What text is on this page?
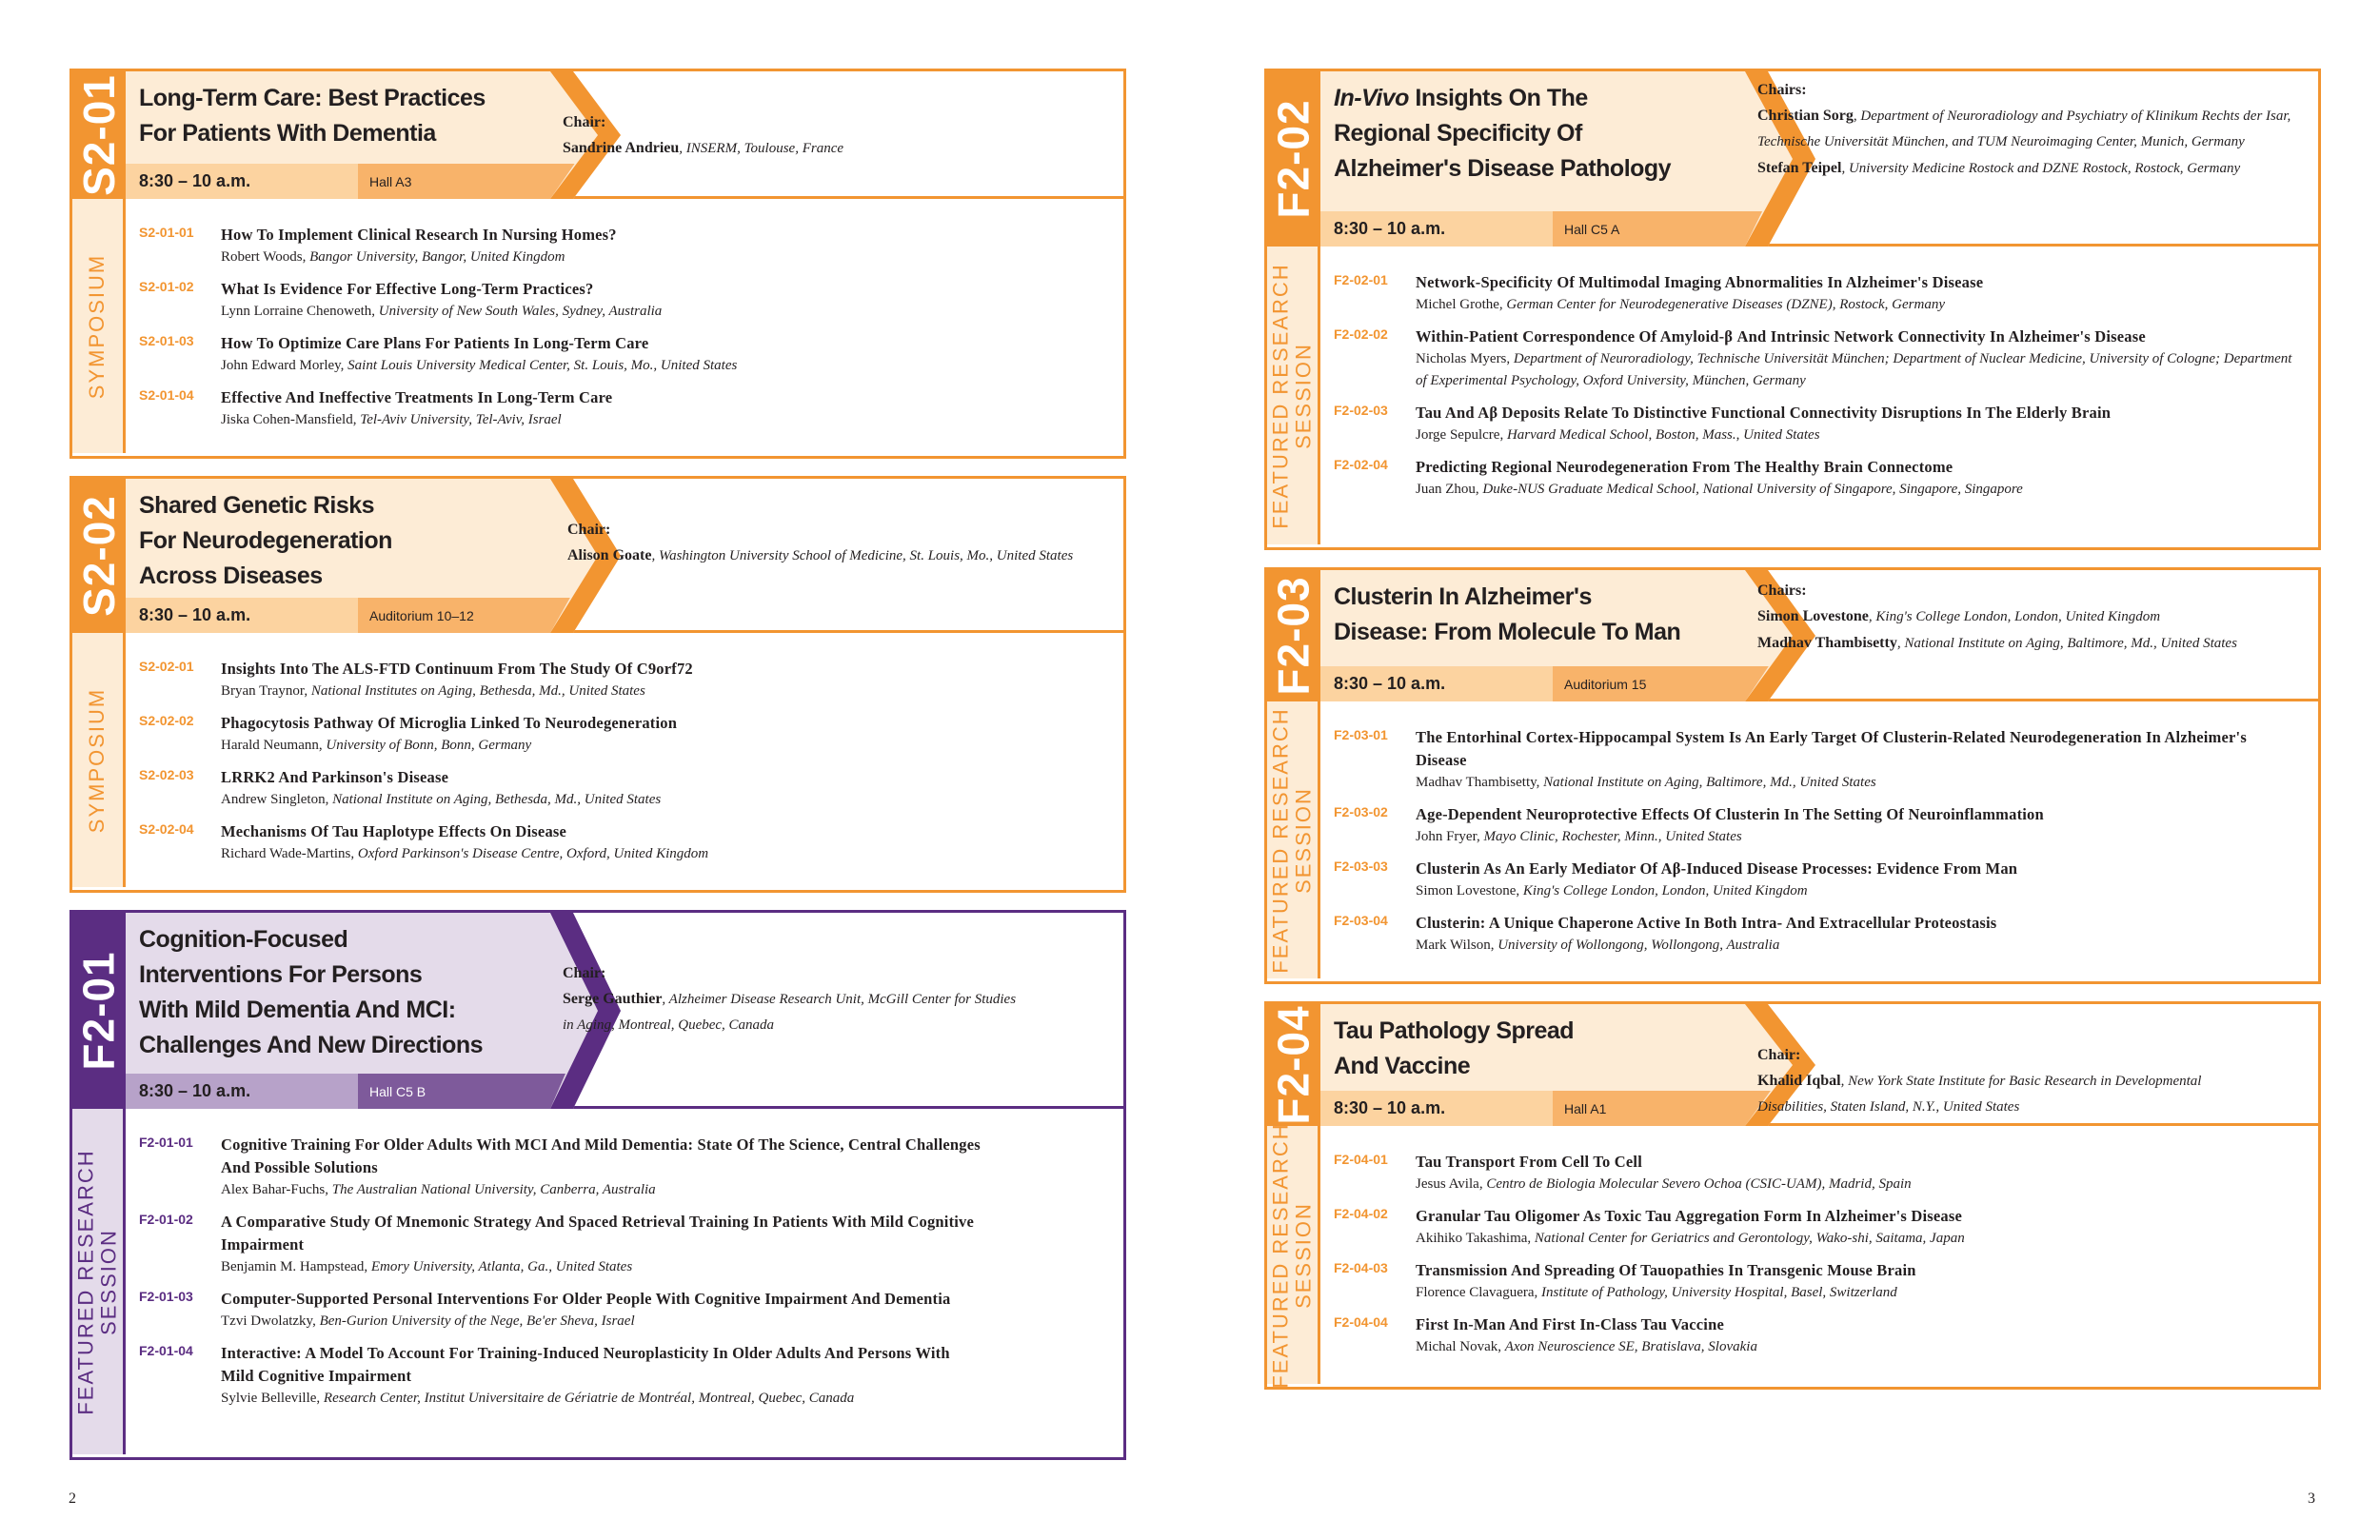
S2-01 Long-Term Care: Best Practices
For Patients With Dementia
8:30 – 10 a.m.	Hall A3
Chair:
Sandrine Andrieu, INSERM, Toulouse, France
SYMPOSIUM
S2-01-01 How To Implement Clinical Research In Nursing Homes?
Robert Woods, Bangor University, Bangor, United Kingdom
S2-01-02 What Is Evidence For Effective Long-Term Practices?
Lynn Lorraine Chenoweth, University of New South Wales, Sydney, Australia
S2-01-03 How To Optimize Care Plans For Patients In Long-Term Care
John Edward Morley, Saint Louis University Medical Center, St. Louis, Mo., United States
S2-01-04 Effective And Ineffective Treatments In Long-Term Care
Jiska Cohen-Mansfield, Tel-Aviv University, Tel-Aviv, Israel
S2-02 Shared Genetic Risks
For Neurodegeneration
Across Diseases
8:30 – 10 a.m.	Auditorium 10–12
Chair:
Alison Goate, Washington University School of Medicine, St. Louis, Mo., United States
SYMPOSIUM
S2-02-01 Insights Into The ALS-FTD Continuum From The Study Of C9orf72
Bryan Traynor, National Institutes on Aging, Bethesda, Md., United States
S2-02-02 Phagocytosis Pathway Of Microglia Linked To Neurodegeneration
Harald Neumann, University of Bonn, Bonn, Germany
S2-02-03 LRRK2 And Parkinson's Disease
Andrew Singleton, National Institute on Aging, Bethesda, Md., United States
S2-02-04 Mechanisms Of Tau Haplotype Effects On Disease
Richard Wade-Martins, Oxford Parkinson's Disease Centre, Oxford, United Kingdom
F2-01
Cognition-Focused
Interventions For Persons
With Mild Dementia And MCI:
Challenges And New Directions
8:30 – 10 a.m.	Hall C5 B
Chair:
Serge Gauthier, Alzheimer Disease Research Unit, McGill Center for Studies in Aging, Montreal, Quebec, Canada
FEATURED RESEARCH
SESSION
F2-01-01 Cognitive Training For Older Adults With MCI And Mild Dementia: State Of The Science, Central Challenges And Possible Solutions
Alex Bahar-Fuchs, The Australian National University, Canberra, Australia
F2-01-02 A Comparative Study Of Mnemonic Strategy And Spaced Retrieval Training In Patients With Mild Cognitive Impairment
Benjamin M. Hampstead, Emory University, Atlanta, Ga., United States
F2-01-03 Computer-Supported Personal Interventions For Older People With Cognitive Impairment And Dementia
Tzvi Dwolatzky, Ben-Gurion University of the Nege, Be'er Sheva, Israel
F2-01-04 Interactive: A Model To Account For Training-Induced Neuroplasticity In Older Adults And Persons With Mild Cognitive Impairment
Sylvie Belleville, Research Center, Institut Universitaire de Gériatrie de Montréal, Montreal, Quebec, Canada
F2-02
In-Vivo Insights On The
Regional Specificity Of
Alzheimer's Disease Pathology
8:30 – 10 a.m.	Hall C5 A
Chairs:
Christian Sorg, Department of Neuroradiology and Psychiatry of Klinikum Rechts der Isar, Technische Universität München, and TUM Neuroimaging Center, Munich, Germany
Stefan Teipel, University Medicine Rostock and DZNE Rostock, Rostock, Germany
FEATURED RESEARCH
SESSION
F2-02-01 Network-Specificity Of Multimodal Imaging Abnormalities In Alzheimer's Disease
Michel Grothe, German Center for Neurodegenerative Diseases (DZNE), Rostock, Germany
F2-02-02 Within-Patient Correspondence Of Amyloid-β And Intrinsic Network Connectivity In Alzheimer's Disease
Nicholas Myers, Department of Neuroradiology, Technische Universität München; Department of Nuclear Medicine, University of Cologne; Department of Experimental Psychology, Oxford University, München, Germany
F2-02-03 Tau And Aβ Deposits Relate To Distinctive Functional Connectivity Disruptions In The Elderly Brain
Jorge Sepulcre, Harvard Medical School, Boston, Mass., United States
F2-02-04 Predicting Regional Neurodegeneration From The Healthy Brain Connectome
Juan Zhou, Duke-NUS Graduate Medical School, National University of Singapore, Singapore, Singapore
F2-03 Clusterin In Alzheimer's
Disease: From Molecule To Man
8:30 – 10 a.m.	Auditorium 15
Chairs:
Simon Lovestone, King's College London, London, United Kingdom
Madhav Thambisetty, National Institute on Aging, Baltimore, Md., United States
FEATURED RESEARCH
SESSION
F2-03-01 The Entorhinal Cortex-Hippocampal System Is An Early Target Of Clusterin-Related Neurodegeneration In Alzheimer's Disease
Madhav Thambisetty, National Institute on Aging, Baltimore, Md., United States
F2-03-02 Age-Dependent Neuroprotective Effects Of Clusterin In The Setting Of Neuroinflammation
John Fryer, Mayo Clinic, Rochester, Minn., United States
F2-03-03 Clusterin As An Early Mediator Of Aβ-Induced Disease Processes: Evidence From Man
Simon Lovestone, King's College London, London, United Kingdom
F2-03-04 Clusterin: A Unique Chaperone Active In Both Intra- And Extracellular Proteostasis
Mark Wilson, University of Wollongong, Wollongong, Australia
F2-04 Tau Pathology Spread
And Vaccine
8:30 – 10 a.m.	Hall A1
Chair:
Khalid Iqbal, New York State Institute for Basic Research in Developmental Disabilities, Staten Island, N.Y., United States
FEATURED RESEARCH
SESSION
F2-04-01 Tau Transport From Cell To Cell
Jesus Avila, Centro de Biologia Molecular Severo Ochoa (CSIC-UAM), Madrid, Spain
F2-04-02 Granular Tau Oligomer As Toxic Tau Aggregation Form In Alzheimer's Disease
Akihiko Takashima, National Center for Geriatrics and Gerontology, Wako-shi, Saitama, Japan
F2-04-03 Transmission And Spreading Of Tauopathies In Transgenic Mouse Brain
Florence Clavaguera, Institute of Pathology, University Hospital, Basel, Switzerland
F2-04-04 First In-Man And First In-Class Tau Vaccine
Michal Novak, Axon Neuroscience SE, Bratislava, Slovakia
2	3
